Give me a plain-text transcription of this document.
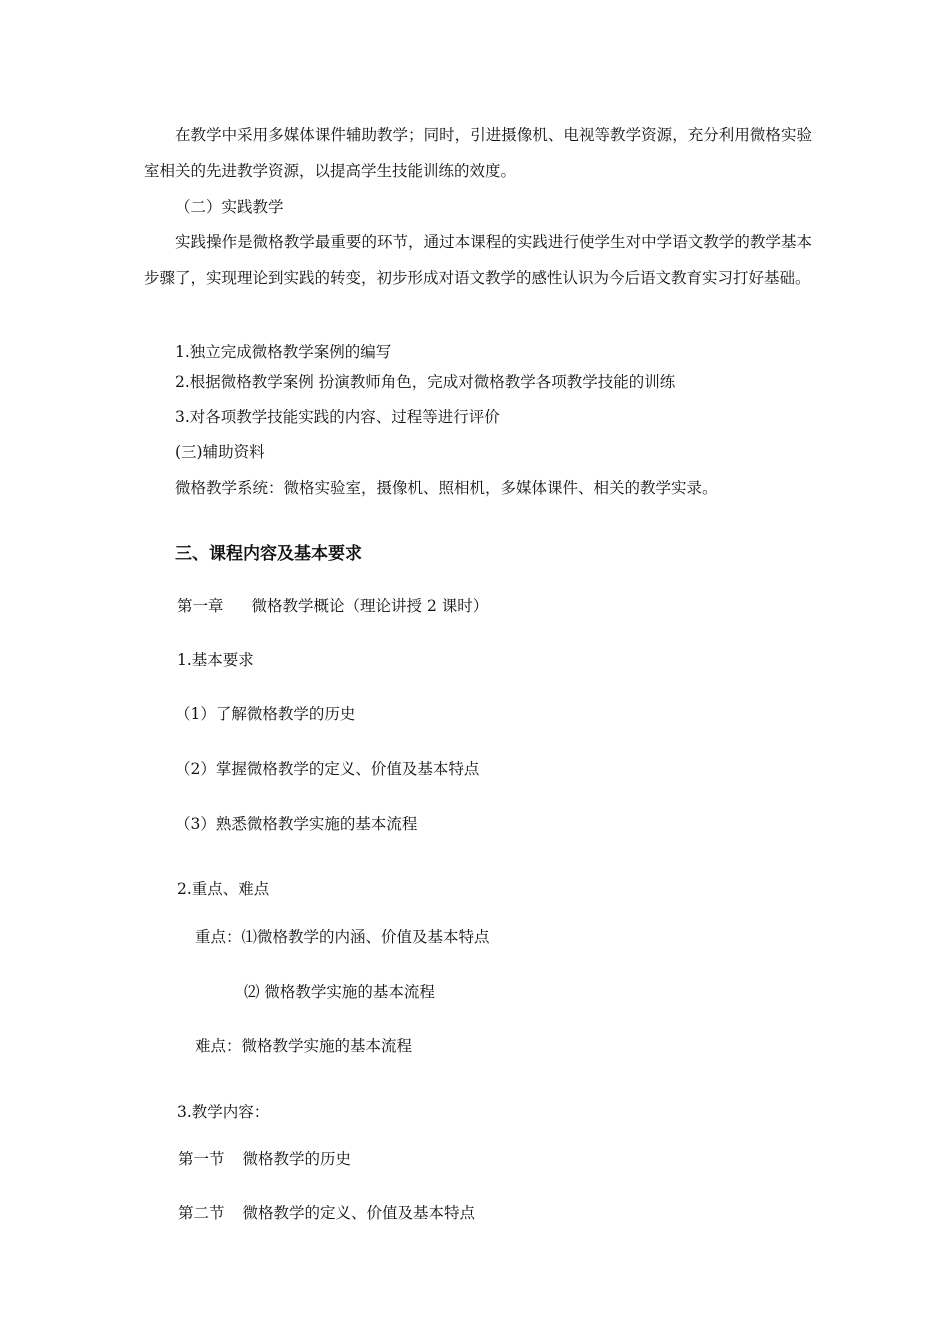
在教学中采用多媒体课件辅助教学；同时，引进摄像机、电视等教学资源，充分利用微格实验室相关的先进教学资源，以提高学生技能训练的效度。
（二）实践教学
实践操作是微格教学最重要的环节，通过本课程的实践进行使学生对中学语文教学的教学基本步骤了，实现理论到实践的转变，初步形成对语文教学的感性认识为今后语文教育实习打好基础。
1.独立完成微格教学案例的编写
2.根据微格教学案例 扮演教师角色，完成对微格教学各项教学技能的训练
3.对各项教学技能实践的内容、过程等进行评价
(三)辅助资料
微格教学系统：微格实验室，摄像机、照相机，多媒体课件、相关的教学实录。
三、课程内容及基本要求
第一章 微格教学概论（理论讲授 2 课时）
1.基本要求
（1）了解微格教学的历史
（2）掌握微格教学的定义、价值及基本特点
（3）熟悉微格教学实施的基本流程
2.重点、难点
重点：⑴微格教学的内涵、价值及基本特点
⑵ 微格教学实施的基本流程
难点：微格教学实施的基本流程
3.教学内容：
第一节 微格教学的历史
第二节 微格教学的定义、价值及基本特点
